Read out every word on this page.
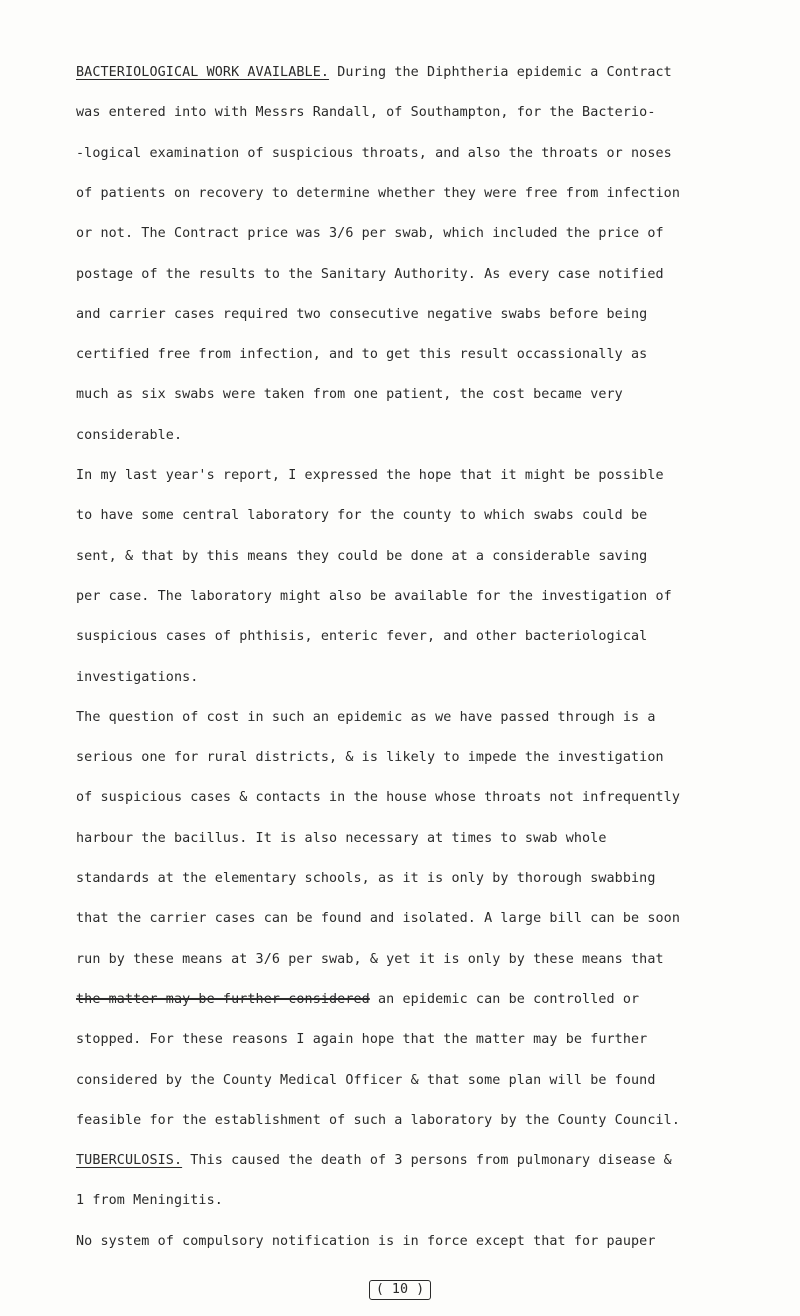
BACTERIOLOGICAL WORK AVAILABLE. During the Diphtheria epidemic a Contract
was entered into with Messrs Randall, of Southampton, for the Bacterio-
-logical examination of suspicious throats, and also the throats or noses
of patients on recovery to determine whether they were free from infection
or not. The Contract price was 3/6 per swab, which included the price of
postage of the results to the Sanitary Authority. As every case notified
and carrier cases required two consecutive negative swabs before being
certified free from infection, and to get this result occassionally as
much as six swabs were taken from one patient, the cost became very
considerable.
In my last year's report, I expressed the hope that it might be possible
to have some central laboratory for the county to which swabs could be
sent, & that by this means they could be done at a considerable saving
per case. The laboratory might also be available for the investigation of
suspicious cases of phthisis, enteric fever, and other bacteriological
investigations.
The question of cost in such an epidemic as we have passed through is a
serious one for rural districts, & is likely to impede the investigation
of suspicious cases & contacts in the house whose throats not infrequently
harbour the bacillus. It is also necessary at times to swab whole
standards at the elementary schools, as it is only by thorough swabbing
that the carrier cases can be found and isolated. A large bill can be soon
run by these means at 3/6 per swab, & yet it is only by these means that
the matter may be further considered an epidemic can be controlled or
stopped. For these reasons I again hope that the matter may be further
considered by the County Medical Officer & that some plan will be found
feasible for the establishment of such a laboratory by the County Council.
TUBERCULOSIS. This caused the death of 3 persons from pulmonary disease &
1 from Meningitis.
No system of compulsory notification is in force except that for pauper
( 10 )
